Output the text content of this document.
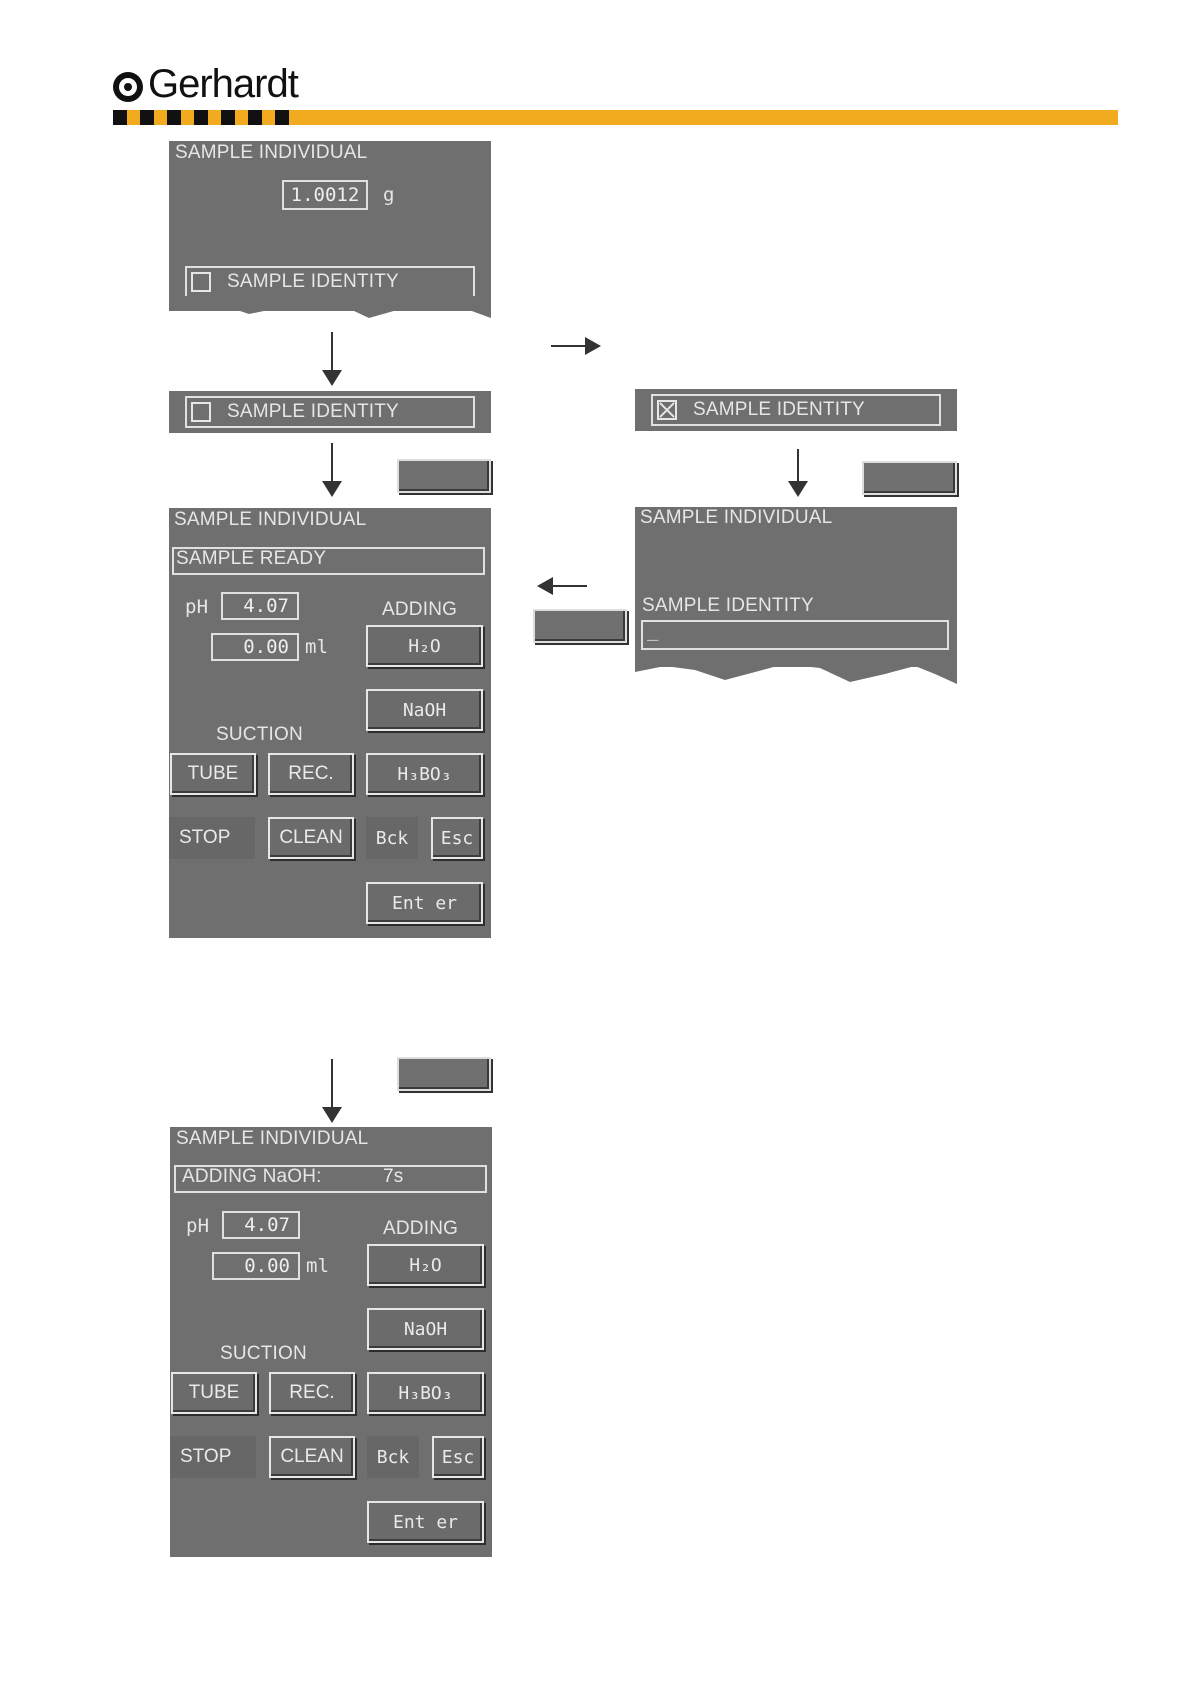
Gerhardt
SAMPLE INDIVIDUAL
1.0012	g
SAMPLE IDENTITY
SAMPLE IDENTITY	SAMPLE IDENTITY
SAMPLE INDIVIDUAL
SAMPLE IDENTITY
_
SAMPLE INDIVIDUAL
SAMPLE READY
pH	4.07
0.00 ml
ADDING
H₂O
NaOH
SUCTION
TUBE	REC.	H₃BO₃
STOP	CLEAN	Bck	Esc
Ent er
SAMPLE INDIVIDUAL
ADDING NaOH:	7s
pH	4.07
0.00 ml
ADDING
H₂O
NaOH
SUCTION
TUBE	REC.	H₃BO₃
STOP	CLEAN	Bck	Esc
Ent er
